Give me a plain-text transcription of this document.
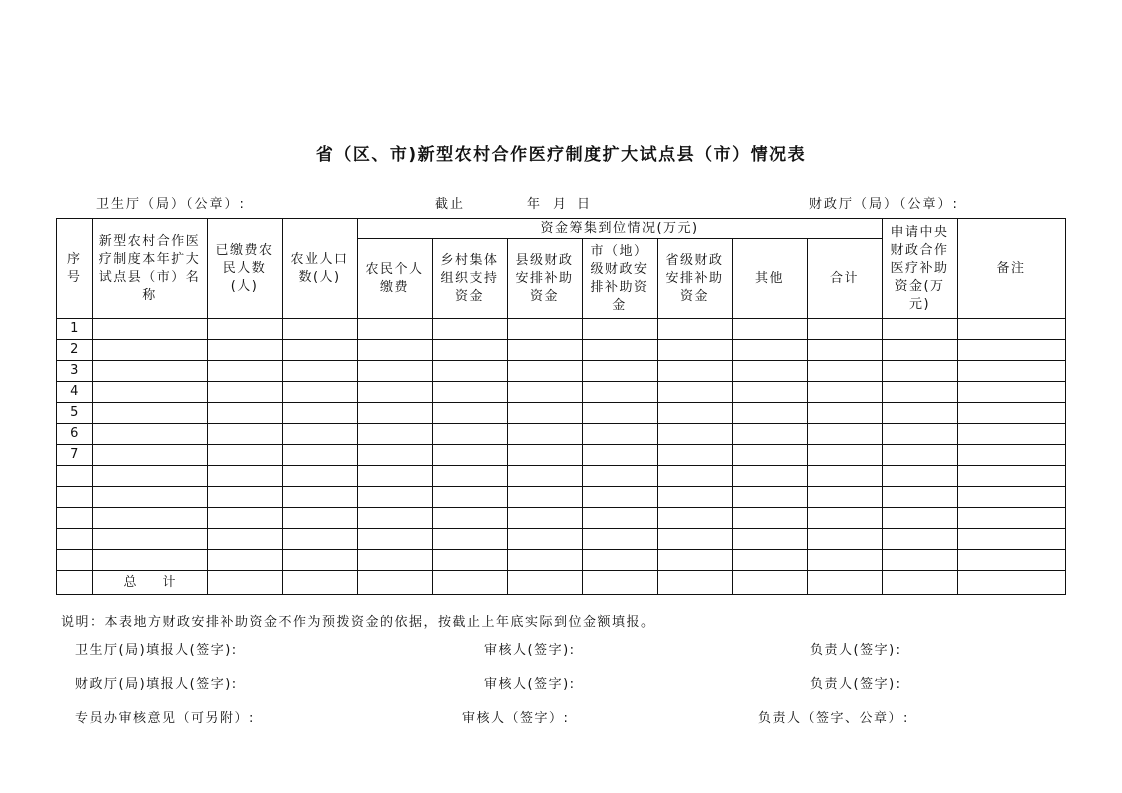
省（区、市)新型农村合作医疗制度扩大试点县（市）情况表
卫生厅（局）（公章）:	截止	年 月 日	财政厅（局）（公章）:
序号	新型农村合作医疗制度本年扩大试点县（市）名称	已缴费农民人数(人)	农业人口数(人)	资金筹集到位情况(万元)							申请中央财政合作医疗补助资金(万元)	备注
				农民个人缴费	乡村集体组织支持资金	县级财政安排补助资金	市（地）级财政安排补助资金	省级财政安排补助资金	其他	合计		
1												
2												
3												
4												
5												
6												
7												

	总　　计											
说明：本表地方财政安排补助资金不作为预拨资金的依据，按截止上年底实际到位金额填报。
卫生厅(局)填报人(签字):	审核人(签字):	负责人(签字):
财政厅(局)填报人(签字):	审核人(签字):	负责人(签字):
专员办审核意见（可另附）:	审核人（签字）:	负责人（签字、公章）:
